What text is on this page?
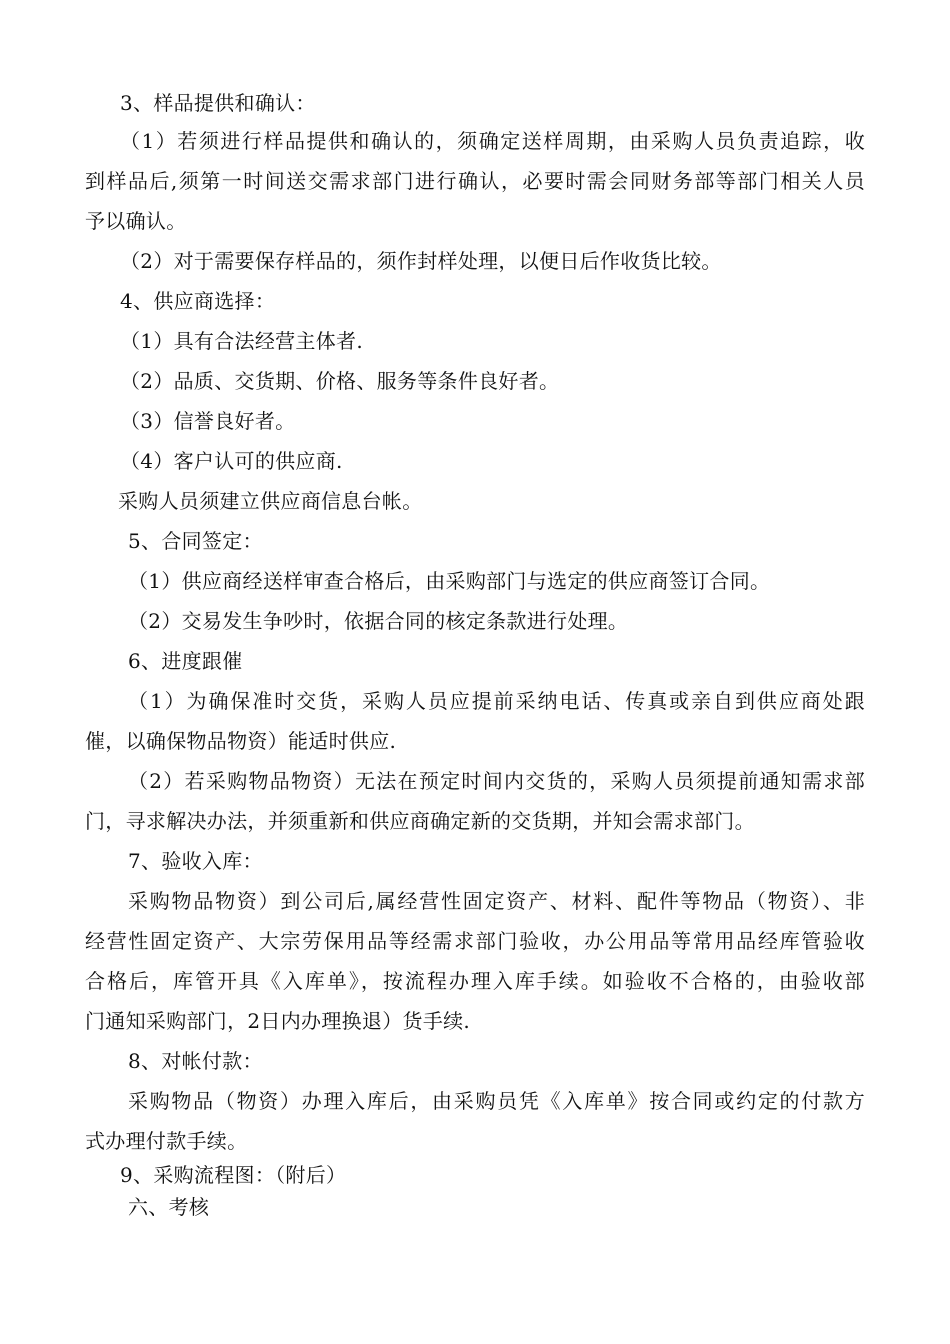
3、样品提供和确认：
（1）若须进行样品提供和确认的，须确定送样周期，由采购人员负责追踪，收
到样品后,须第一时间送交需求部门进行确认，必要时需会同财务部等部门相关人员
予以确认。
（2）对于需要保存样品的，须作封样处理，以便日后作收货比较。
4、供应商选择：
（1）具有合法经营主体者.
（2）品质、交货期、价格、服务等条件良好者。
（3）信誉良好者。
（4）客户认可的供应商.
采购人员须建立供应商信息台帐。
5、合同签定：
（1）供应商经送样审查合格后，由采购部门与选定的供应商签订合同。
（2）交易发生争吵时，依据合同的核定条款进行处理。
6、进度跟催
（1）为确保准时交货，采购人员应提前采纳电话、传真或亲自到供应商处跟
催，以确保物品物资）能适时供应.
（2）若采购物品物资）无法在预定时间内交货的，采购人员须提前通知需求部
门，寻求解决办法，并须重新和供应商确定新的交货期，并知会需求部门。
7、验收入库：
采购物品物资）到公司后,属经营性固定资产、材料、配件等物品（物资）、非
经营性固定资产、大宗劳保用品等经需求部门验收，办公用品等常用品经库管验收
合格后，库管开具《入库单》，按流程办理入库手续。如验收不合格的，由验收部
门通知采购部门，2日内办理换退）货手续.
8、对帐付款：
采购物品（物资）办理入库后，由采购员凭《入库单》按合同或约定的付款方
式办理付款手续。
9、采购流程图：（附后）
六、考核
